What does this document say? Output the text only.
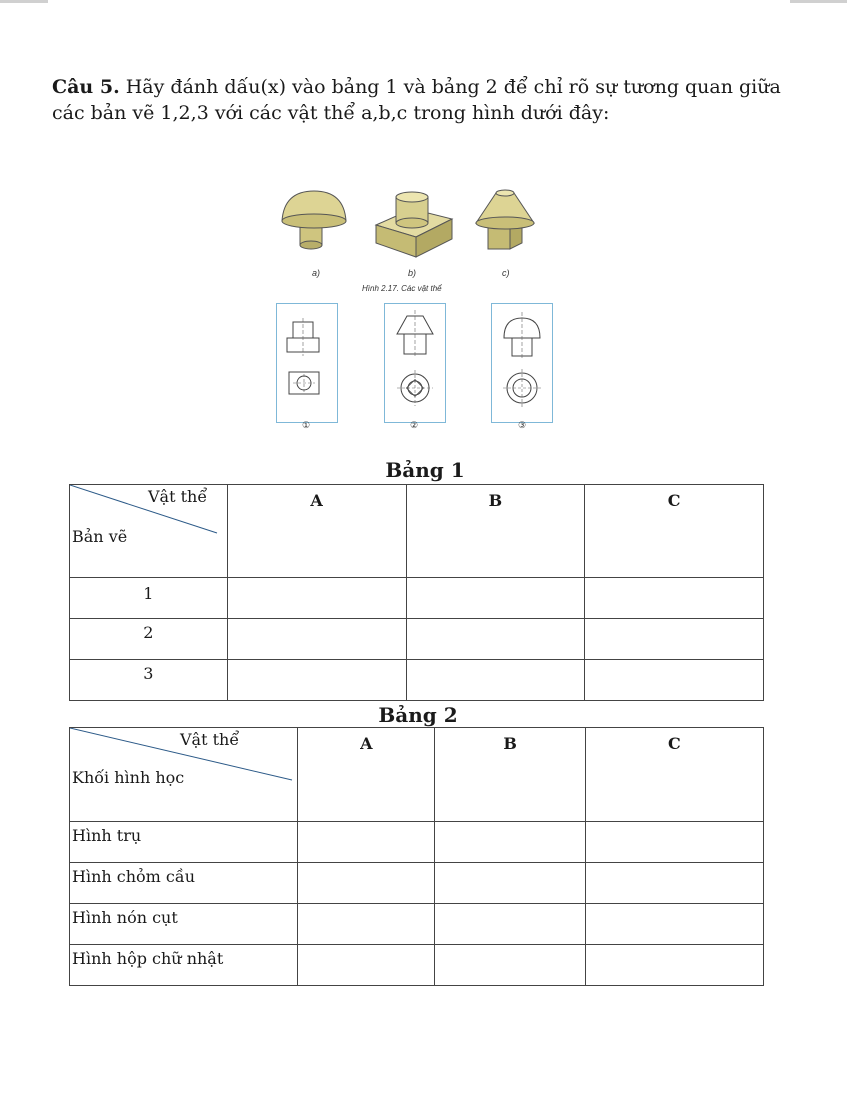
Câu 5. Hãy đánh dấu(x) vào bảng 1 và bảng 2 để chỉ rõ sự tương quan giữa các bản vẽ 1,2,3 với các vật thể a,b,c trong hình dưới đây:

a)	b)	c)
Hình 2.17. Các vật thể
①	②	③
Bảng 1
Vật thể
Bản vẽ	A	B	C
1			
2			
3			
Bảng 2
Vật thể
Khối hình học	A	B	C
Hình trụ			
Hình chỏm cầu			
Hình nón cụt			
Hình hộp chữ nhật			
